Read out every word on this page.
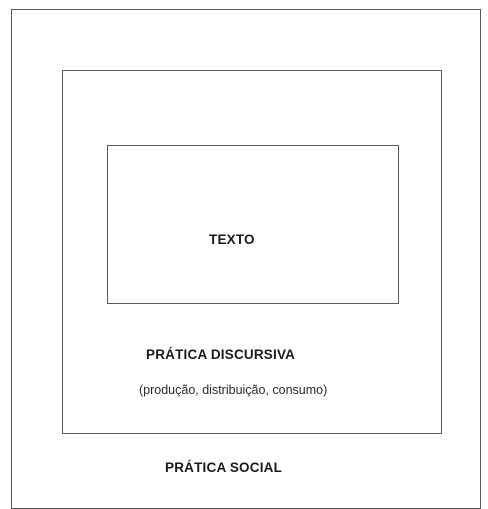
TEXTO
PRÁTICA DISCURSIVA
(produção, distribuição, consumo)
PRÁTICA SOCIAL
